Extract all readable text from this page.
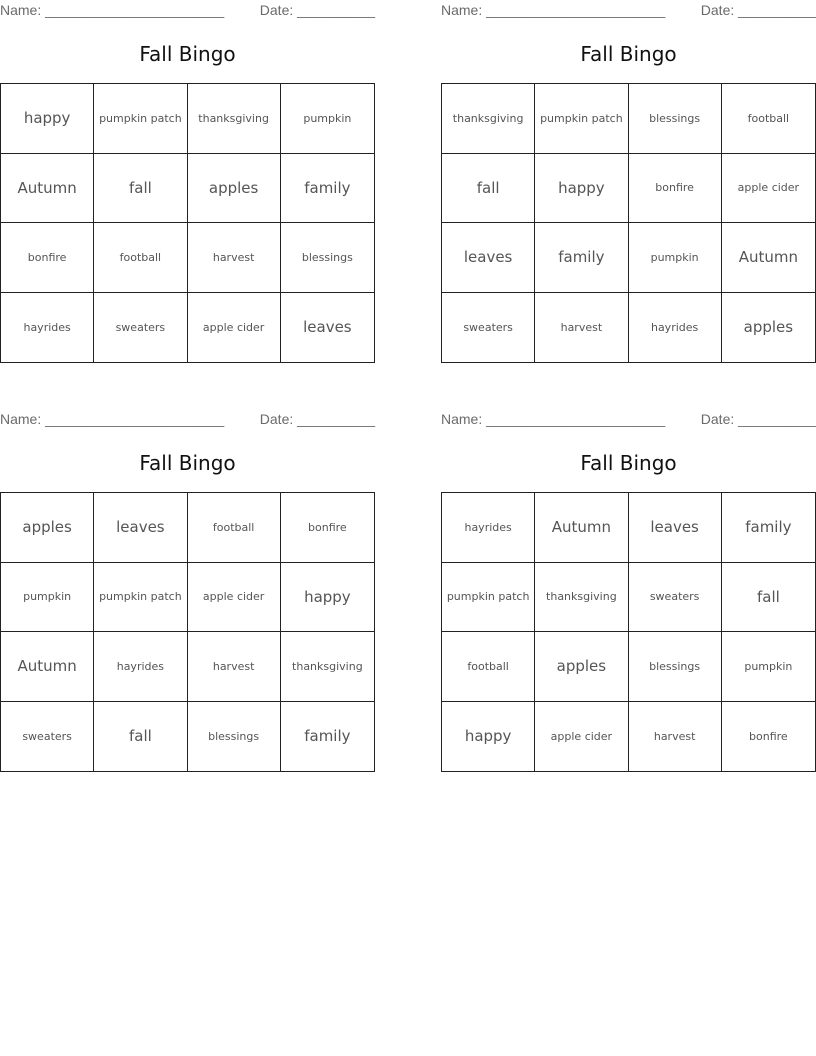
Name: _______________________	Date: __________
Fall Bingo
happy	pumpkin patch	thanksgiving	pumpkin
Autumn	fall	apples	family
bonfire	football	harvest	blessings
hayrides	sweaters	apple cider	leaves
Name: _______________________	Date: __________
Fall Bingo
thanksgiving	pumpkin patch	blessings	football
fall	happy	bonfire	apple cider
leaves	family	pumpkin	Autumn
sweaters	harvest	hayrides	apples
Name: _______________________	Date: __________
Fall Bingo
apples	leaves	football	bonfire
pumpkin	pumpkin patch	apple cider	happy
Autumn	hayrides	harvest	thanksgiving
sweaters	fall	blessings	family
Name: _______________________	Date: __________
Fall Bingo
hayrides	Autumn	leaves	family
pumpkin patch	thanksgiving	sweaters	fall
football	apples	blessings	pumpkin
happy	apple cider	harvest	bonfire
